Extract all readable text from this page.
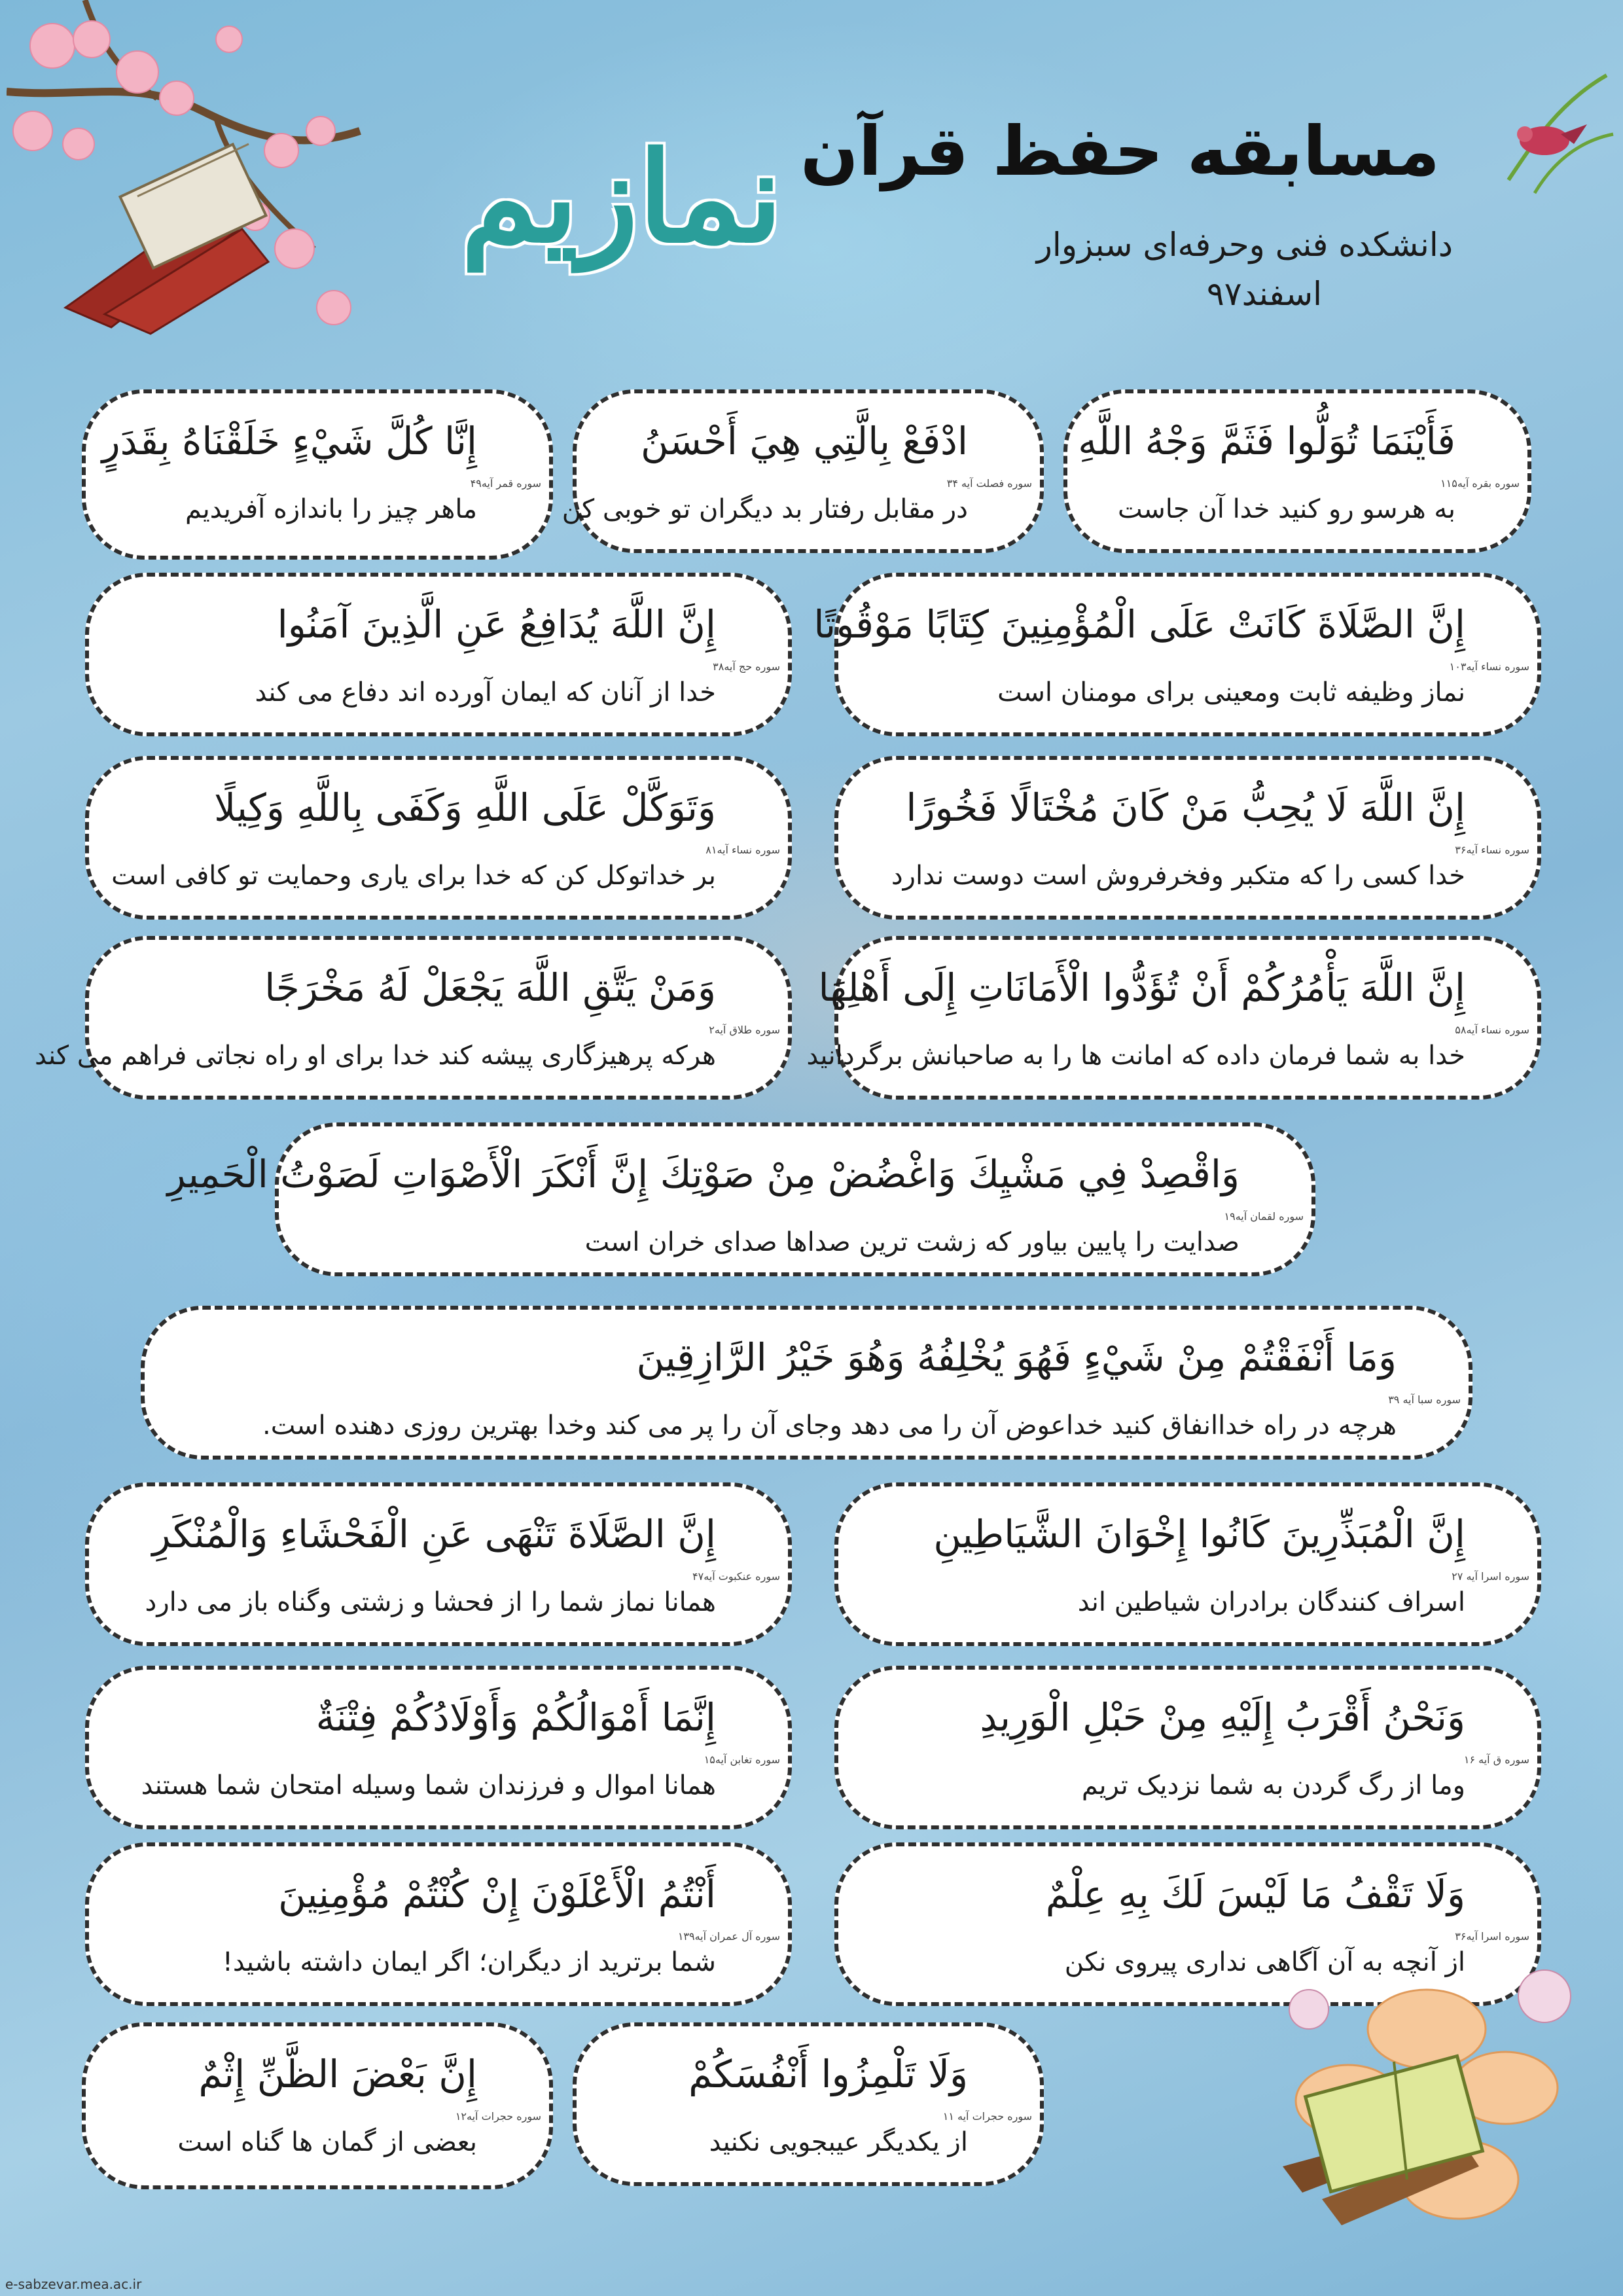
نمازیم مسابقه حفظ قرآن
دانشکده فنی وحرفه‌ای سبزوار
اسفند۹۷
فَأَيْنَمَا تُوَلُّوا فَثَمَّ وَجْهُ اللَّهِ
سوره بقره آیه۱۱۵
به هرسو رو کنید خدا آن جاست
ادْفَعْ بِالَّتِي هِيَ أَحْسَنُ
سوره فصلت آیه ۳۴
در مقابل رفتار بد دیگران تو خوبی کن
إِنَّا كُلَّ شَيْءٍ خَلَقْنَاهُ بِقَدَرٍ
سوره قمر آیه۴۹
ماهر چیز را باندازه آفریدیم
إِنَّ الصَّلَاةَ كَانَتْ عَلَى الْمُؤْمِنِينَ كِتَابًا مَوْقُوتًا
سوره نساء آیه۱۰۳
نماز وظیفه ثابت ومعینی برای مومنان است
إِنَّ اللَّهَ يُدَافِعُ عَنِ الَّذِينَ آمَنُوا
سوره حج آیه۳۸
خدا از آنان که ایمان آورده اند دفاع می کند
إِنَّ اللَّهَ لَا يُحِبُّ مَنْ كَانَ مُخْتَالًا فَخُورًا
سوره نساء آیه۳۶
خدا کسی را که متکبر وفخرفروش است دوست ندارد
وَتَوَكَّلْ عَلَى اللَّهِ وَكَفَى بِاللَّهِ وَكِيلًا
سوره نساء آیه۸۱
بر خداتوکل کن که خدا برای یاری وحمایت تو کافی است
إِنَّ اللَّهَ يَأْمُرُكُمْ أَنْ تُؤَدُّوا الْأَمَانَاتِ إِلَى أَهْلِهَا
سوره نساء آیه۵۸
خدا به شما فرمان داده که امانت ها را به صاحبانش برگردانید
وَمَنْ يَتَّقِ اللَّهَ يَجْعَلْ لَهُ مَخْرَجًا
سوره طلاق آیه۲
هرکه پرهیزگاری پیشه کند خدا برای او راه نجاتی فراهم می کند
وَاقْصِدْ فِي مَشْيِكَ وَاغْضُضْ مِنْ صَوْتِكَ إِنَّ أَنْكَرَ الْأَصْوَاتِ لَصَوْتُ الْحَمِيرِ
سوره لقمان آیه۱۹
صدایت را پایین بیاور که زشت ترین صداها صدای خران است
وَمَا أَنْفَقْتُمْ مِنْ شَيْءٍ فَهُوَ يُخْلِفُهُ وَهُوَ خَيْرُ الرَّازِقِينَ
سوره سبا آیه ۳۹
هرچه در راه خداانفاق کنید خداعوض آن را می دهد وجای آن را پر می کند وخدا بهترین روزی دهنده است.
إِنَّ الْمُبَذِّرِينَ كَانُوا إِخْوَانَ الشَّيَاطِينِ
سوره اسرا آیه ۲۷
اسراف کنندگان برادران شیاطین اند
إِنَّ الصَّلَاةَ تَنْهَى عَنِ الْفَحْشَاءِ وَالْمُنْكَرِ
سوره عنکبوت آیه۴۷
همانا نماز شما را از فحشا و زشتی وگناه باز می دارد
وَنَحْنُ أَقْرَبُ إِلَيْهِ مِنْ حَبْلِ الْوَرِيدِ
سوره ق آیه ۱۶
وما از رگ گردن به شما نزدیک تریم
إِنَّمَا أَمْوَالُكُمْ وَأَوْلَادُكُمْ فِتْنَةٌ
سوره تغابن آیه۱۵
همانا اموال و فرزندان شما وسیله امتحان شما هستند
وَلَا تَقْفُ مَا لَيْسَ لَكَ بِهِ عِلْمٌ
سوره اسرا آیه۳۶
از آنچه به آن آگاهی نداری پیروی نکن
أَنْتُمُ الْأَعْلَوْنَ إِنْ كُنْتُمْ مُؤْمِنِينَ
سوره آل عمران آیه۱۳۹
شما برترید از دیگران؛ اگر ایمان داشته باشید!
وَلَا تَلْمِزُوا أَنْفُسَكُمْ
سوره حجرات آیه ۱۱
از یکدیگر عیبجویی نکنید
إِنَّ بَعْضَ الظَّنِّ إِثْمٌ
سوره حجرات آیه۱۲
بعضی از گمان ها گناه است
e-sabzevar.mea.ac.ir
